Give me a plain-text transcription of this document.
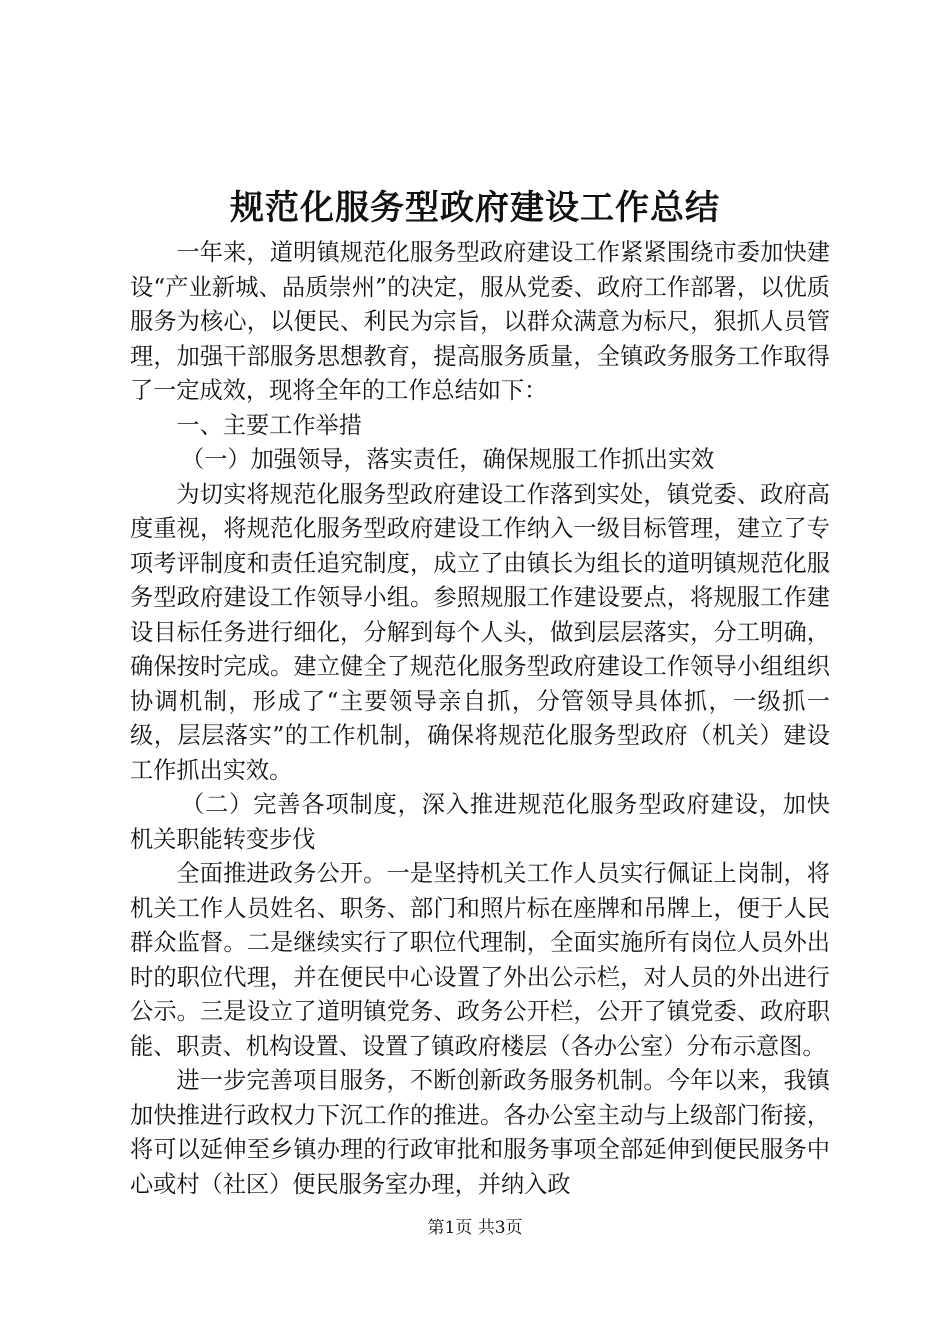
规范化服务型政府建设工作总结

一年来，道明镇规范化服务型政府建设工作紧紧围绕市委加快建设“产业新城、品质崇州”的决定，服从党委、政府工作部署，以优质服务为核心，以便民、利民为宗旨，以群众满意为标尺，狠抓人员管理，加强干部服务思想教育，提高服务质量，全镇政务服务工作取得了一定成效，现将全年的工作总结如下：

一、主要工作举措

（一）加强领导，落实责任，确保规服工作抓出实效

为切实将规范化服务型政府建设工作落到实处，镇党委、政府高度重视，将规范化服务型政府建设工作纳入一级目标管理，建立了专项考评制度和责任追究制度，成立了由镇长为组长的道明镇规范化服务型政府建设工作领导小组。参照规服工作建设要点，将规服工作建设目标任务进行细化，分解到每个人头，做到层层落实，分工明确，确保按时完成。建立健全了规范化服务型政府建设工作领导小组组织协调机制，形成了“主要领导亲自抓，分管领导具体抓，一级抓一级，层层落实”的工作机制，确保将规范化服务型政府（机关）建设工作抓出实效。

（二）完善各项制度，深入推进规范化服务型政府建设，加快机关职能转变步伐

全面推进政务公开。一是坚持机关工作人员实行佩证上岗制，将机关工作人员姓名、职务、部门和照片标在座牌和吊牌上，便于人民群众监督。二是继续实行了职位代理制，全面实施所有岗位人员外出时的职位代理，并在便民中心设置了外出公示栏，对人员的外出进行公示。三是设立了道明镇党务、政务公开栏，公开了镇党委、政府职能、职责、机构设置、设置了镇政府楼层（各办公室）分布示意图。

进一步完善项目服务，不断创新政务服务机制。今年以来，我镇加快推进行政权力下沉工作的推进。各办公室主动与上级部门衔接，将可以延伸至乡镇办理的行政审批和服务事项全部延伸到便民服务中心或村（社区）便民服务室办理，并纳入政

第1页 共3页
